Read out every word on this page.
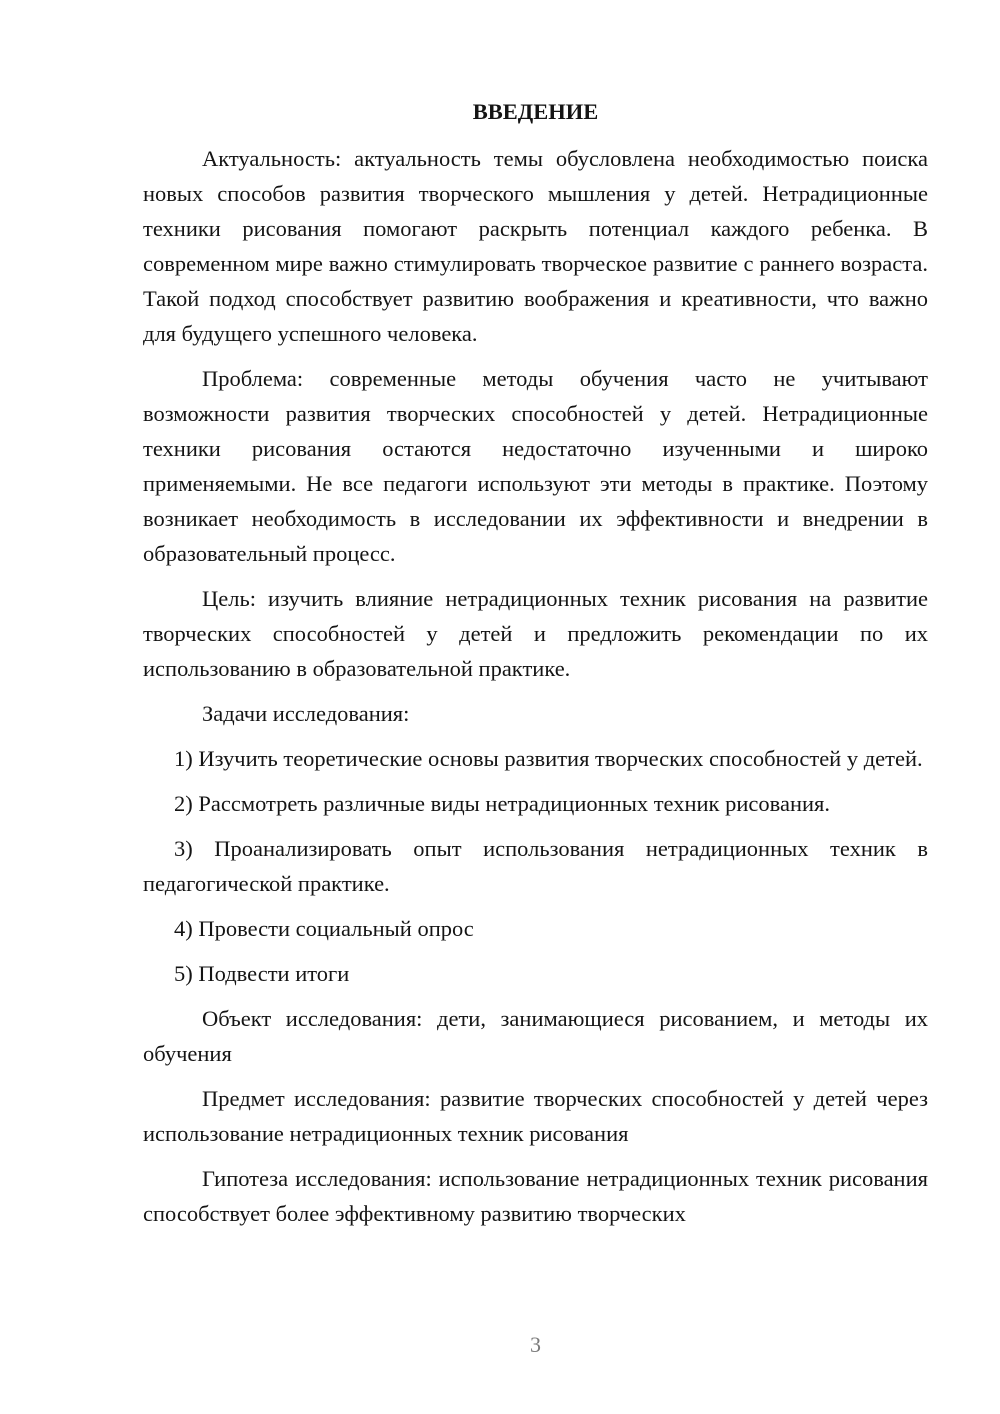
ВВЕДЕНИЕ

Актуальность: актуальность темы обусловлена необходимостью поиска новых способов развития творческого мышления у детей. Нетрадиционные техники рисования помогают раскрыть потенциал каждого ребенка. В современном мире важно стимулировать творческое развитие с раннего возраста. Такой подход способствует развитию воображения и креативности, что важно для будущего успешного человека.

Проблема: современные методы обучения часто не учитывают возможности развития творческих способностей у детей. Нетрадиционные техники рисования остаются недостаточно изученными и широко применяемыми. Не все педагоги используют эти методы в практике. Поэтому возникает необходимость в исследовании их эффективности и внедрении в образовательный процесс.

Цель: изучить влияние нетрадиционных техник рисования на развитие творческих способностей у детей и предложить рекомендации по их использованию в образовательной практике.

Задачи исследования:

1) Изучить теоретические основы развития творческих способностей у детей.

2) Рассмотреть различные виды нетрадиционных техник рисования.

3) Проанализировать опыт использования нетрадиционных техник в педагогической практике.

4) Провести социальный опрос

5) Подвести итоги

Объект исследования: дети, занимающиеся рисованием, и методы их обучения

Предмет исследования: развитие творческих способностей у детей через использование нетрадиционных техник рисования

Гипотеза исследования: использование нетрадиционных техник рисования способствует более эффективному развитию творческих

3
